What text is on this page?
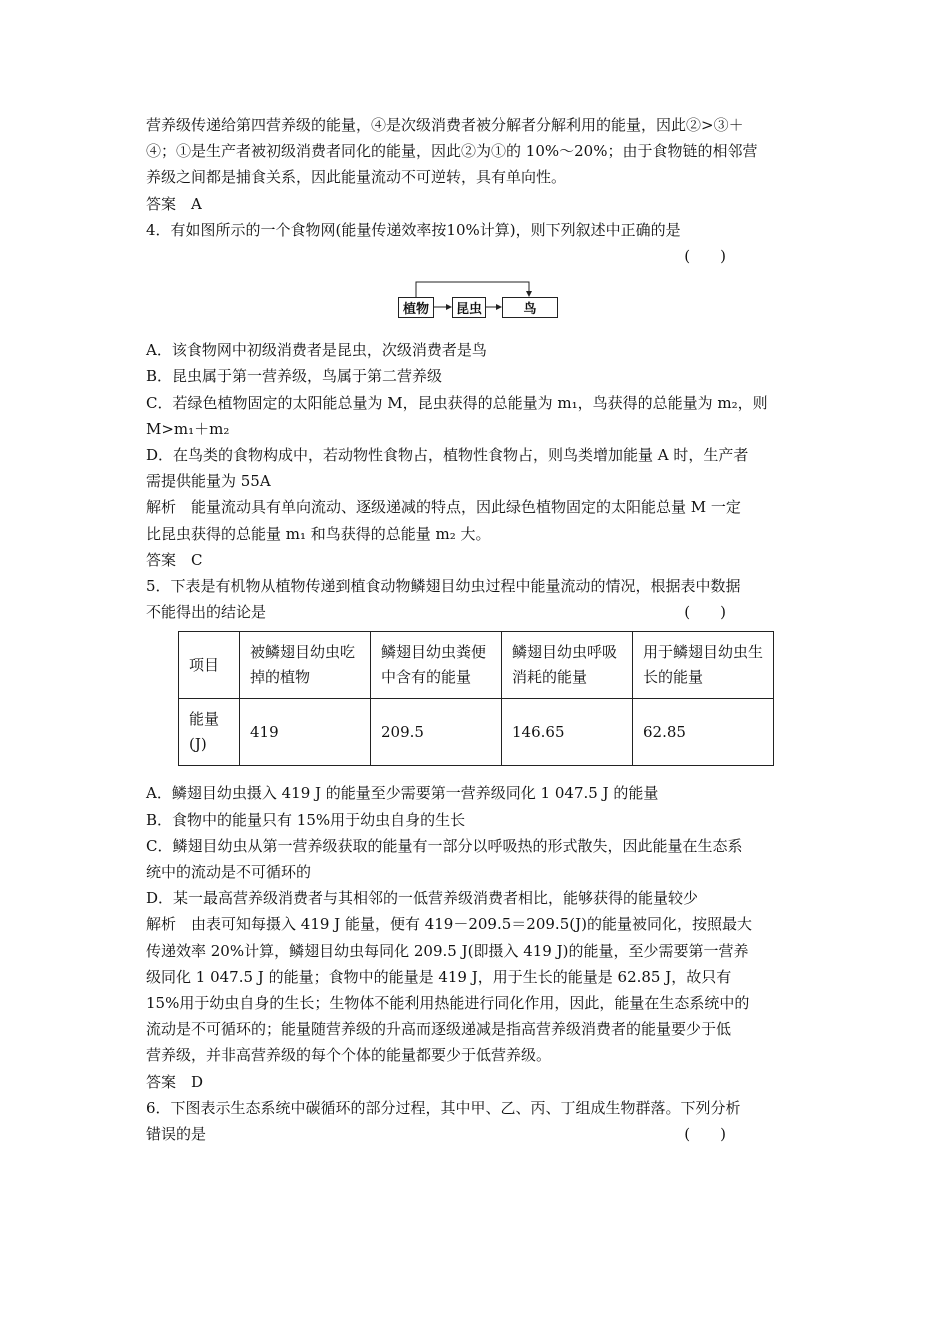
营养级传递给第四营养级的能量，④是次级消费者被分解者分解利用的能量，因此②>③＋

④；①是生产者被初级消费者同化的能量，因此②为①的 10%～20%；由于食物链的相邻营

养级之间都是捕食关系，因此能量流动不可逆转，具有单向性。

答案　A

4．有如图所示的一个食物网(能量传递效率按10%计算)，则下列叙述中正确的是

(　　)

植物	昆虫	鸟

A．该食物网中初级消费者是昆虫，次级消费者是鸟

B．昆虫属于第一营养级，鸟属于第二营养级

C．若绿色植物固定的太阳能总量为 M，昆虫获得的总能量为 m₁，鸟获得的总能量为 m₂，则

M>m₁＋m₂

D．在鸟类的食物构成中，若动物性食物占，植物性食物占，则鸟类增加能量 A 时，生产者

需提供能量为 55A

解析　能量流动具有单向流动、逐级递减的特点，因此绿色植物固定的太阳能总量 M 一定

比昆虫获得的总能量 m₁ 和鸟获得的总能量 m₂ 大。

答案　C

5．下表是有机物从植物传递到植食动物鳞翅目幼虫过程中能量流动的情况，根据表中数据

不能得出的结论是	(　　)

项目	被鳞翅目幼虫吃掉的植物	鳞翅目幼虫粪便中含有的能量	鳞翅目幼虫呼吸消耗的能量	用于鳞翅目幼虫生长的能量
能量(J)	419	209.5	146.65	62.85

A．鳞翅目幼虫摄入 419 J 的能量至少需要第一营养级同化 1 047.5 J 的能量

B．食物中的能量只有 15%用于幼虫自身的生长

C．鳞翅目幼虫从第一营养级获取的能量有一部分以呼吸热的形式散失，因此能量在生态系

统中的流动是不可循环的

D．某一最高营养级消费者与其相邻的一低营养级消费者相比，能够获得的能量较少

解析　由表可知每摄入 419 J 能量，便有 419－209.5＝209.5(J)的能量被同化，按照最大

传递效率 20%计算，鳞翅目幼虫每同化 209.5 J(即摄入 419 J)的能量，至少需要第一营养

级同化 1 047.5 J 的能量；食物中的能量是 419 J，用于生长的能量是 62.85 J，故只有

15%用于幼虫自身的生长；生物体不能利用热能进行同化作用，因此，能量在生态系统中的

流动是不可循环的；能量随营养级的升高而逐级递减是指高营养级消费者的能量要少于低

营养级，并非高营养级的每个个体的能量都要少于低营养级。

答案　D

6．下图表示生态系统中碳循环的部分过程，其中甲、乙、丙、丁组成生物群落。下列分析

错误的是	(　　)
